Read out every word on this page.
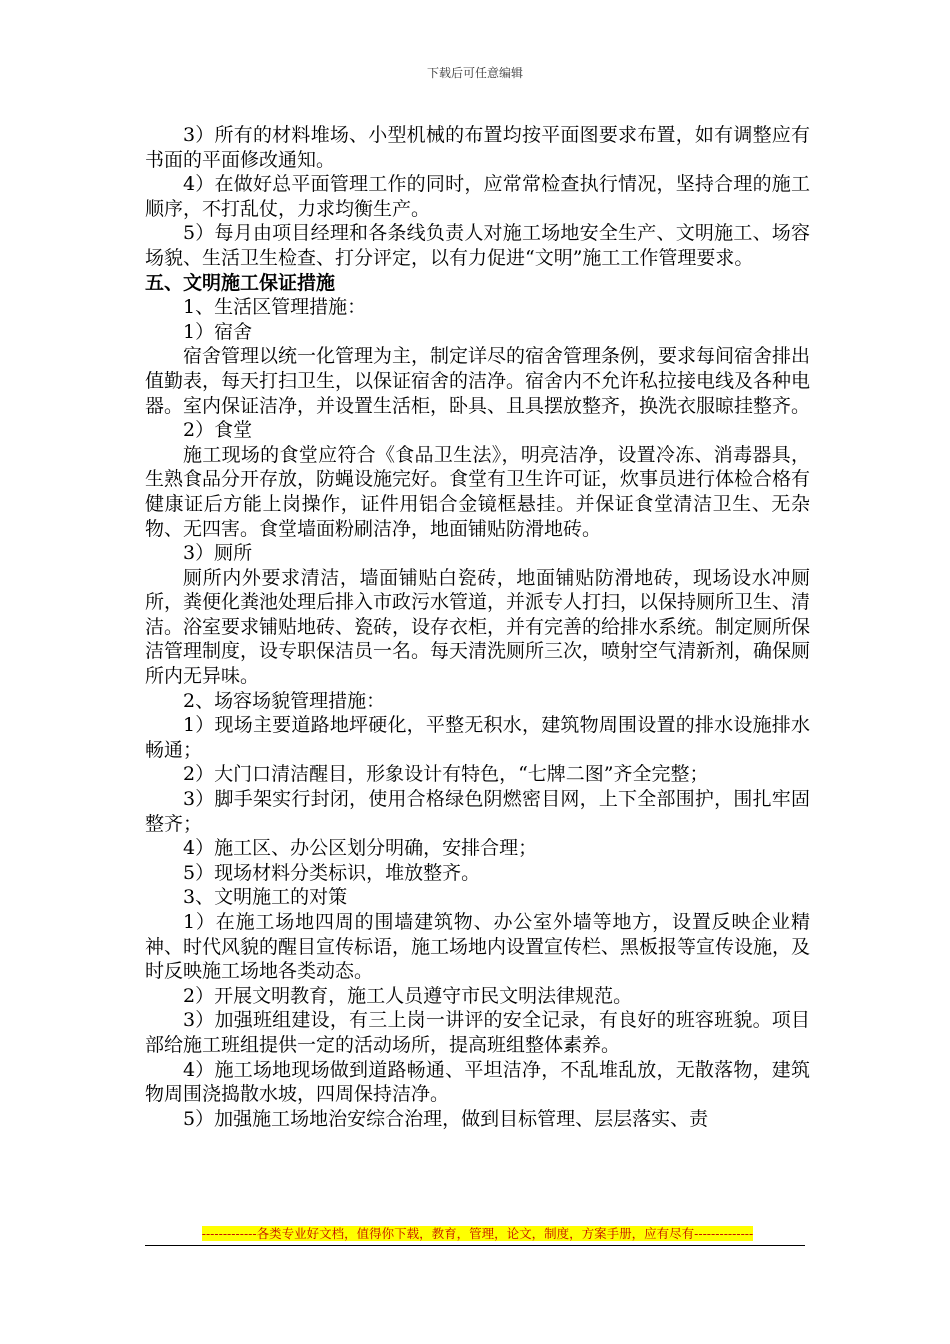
下载后可任意编辑

3）所有的材料堆场、小型机械的布置均按平面图要求布置，如有调整应有书面的平面修改通知。

4）在做好总平面管理工作的同时，应常常检查执行情况，坚持合理的施工顺序，不打乱仗，力求均衡生产。

5）每月由项目经理和各条线负责人对施工场地安全生产、文明施工、场容场貌、生活卫生检查、打分评定，以有力促进“文明”施工工作管理要求。

五、文明施工保证措施

1、生活区管理措施：

1）宿舍

宿舍管理以统一化管理为主，制定详尽的宿舍管理条例，要求每间宿舍排出值勤表，每天打扫卫生，以保证宿舍的洁净。宿舍内不允许私拉接电线及各种电器。室内保证洁净，并设置生活柜，卧具、且具摆放整齐，换洗衣服晾挂整齐。

2）食堂

施工现场的食堂应符合《食品卫生法》，明亮洁净，设置冷冻、消毒器具，生熟食品分开存放，防蝇设施完好。食堂有卫生许可证，炊事员进行体检合格有健康证后方能上岗操作，证件用铝合金镜框悬挂。并保证食堂清洁卫生、无杂物、无四害。食堂墙面粉刷洁净，地面铺贴防滑地砖。

3）厕所

厕所内外要求清洁，墙面铺贴白瓷砖，地面铺贴防滑地砖，现场设水冲厕所，粪便化粪池处理后排入市政污水管道，并派专人打扫，以保持厕所卫生、清洁。浴室要求铺贴地砖、瓷砖，设存衣柜，并有完善的给排水系统。制定厕所保洁管理制度，设专职保洁员一名。每天清洗厕所三次，喷射空气清新剂，确保厕所内无异味。

2、场容场貌管理措施：

1）现场主要道路地坪硬化，平整无积水，建筑物周围设置的排水设施排水畅通；

2）大门口清洁醒目，形象设计有特色，“七牌二图”齐全完整；

3）脚手架实行封闭，使用合格绿色阴燃密目网，上下全部围护，围扎牢固整齐；

4）施工区、办公区划分明确，安排合理；

5）现场材料分类标识，堆放整齐。

3、文明施工的对策

1）在施工场地四周的围墙建筑物、办公室外墙等地方，设置反映企业精神、时代风貌的醒目宣传标语，施工场地内设置宣传栏、黑板报等宣传设施，及时反映施工场地各类动态。

2）开展文明教育，施工人员遵守市民文明法律规范。

3）加强班组建设，有三上岗一讲评的安全记录，有良好的班容班貌。项目部给施工班组提供一定的活动场所，提高班组整体素养。

4）施工场地现场做到道路畅通、平坦洁净，不乱堆乱放，无散落物，建筑物周围浇捣散水坡，四周保持洁净。

5）加强施工场地治安综合治理，做到目标管理、层层落实、责

-------------各类专业好文档，值得你下载，教育，管理，论文，制度，方案手册，应有尽有--------------
